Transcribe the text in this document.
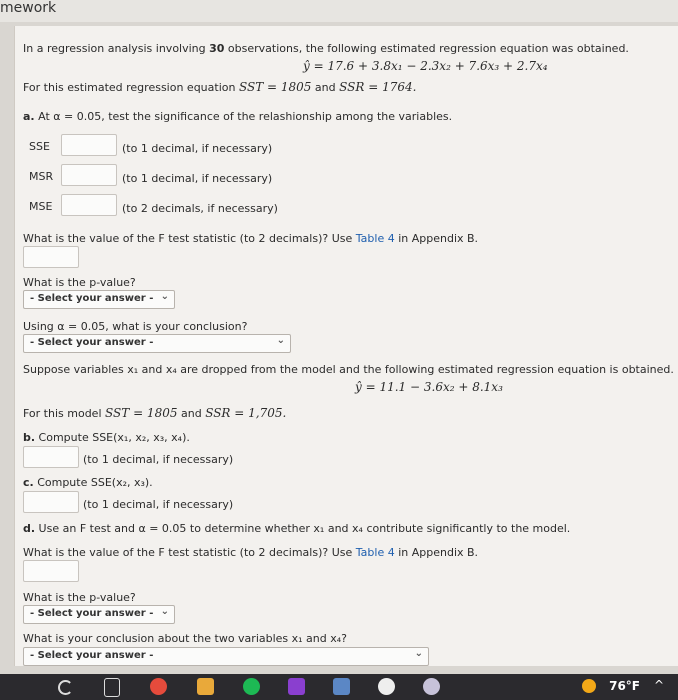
mework
In a regression analysis involving 30 observations, the following estimated regression equation was obtained.
ŷ = 17.6 + 3.8x₁ − 2.3x₂ + 7.6x₃ + 2.7x₄
For this estimated regression equation SST = 1805 and SSR = 1764.
a. At α = 0.05, test the significance of the relashionship among the variables.
SSE	(to 1 decimal, if necessary)
MSR	(to 1 decimal, if necessary)
MSE	(to 2 decimals, if necessary)
What is the value of the F test statistic (to 2 decimals)? Use Table 4 in Appendix B.
What is the p-value?
- Select your answer - ⌄
Using α = 0.05, what is your conclusion?
- Select your answer -	⌄
Suppose variables x₁ and x₄ are dropped from the model and the following estimated regression equation is obtained.
ŷ = 11.1 − 3.6x₂ + 8.1x₃
For this model SST = 1805 and SSR = 1,705.
b. Compute SSE(x₁, x₂, x₃, x₄).
(to 1 decimal, if necessary)
c. Compute SSE(x₂, x₃).
(to 1 decimal, if necessary)
d. Use an F test and α = 0.05 to determine whether x₁ and x₄ contribute significantly to the model.
What is the value of the F test statistic (to 2 decimals)? Use Table 4 in Appendix B.
What is the p-value?
- Select your answer - ⌄
What is your conclusion about the two variables x₁ and x₄?
- Select your answer -	⌄
76°F ^
